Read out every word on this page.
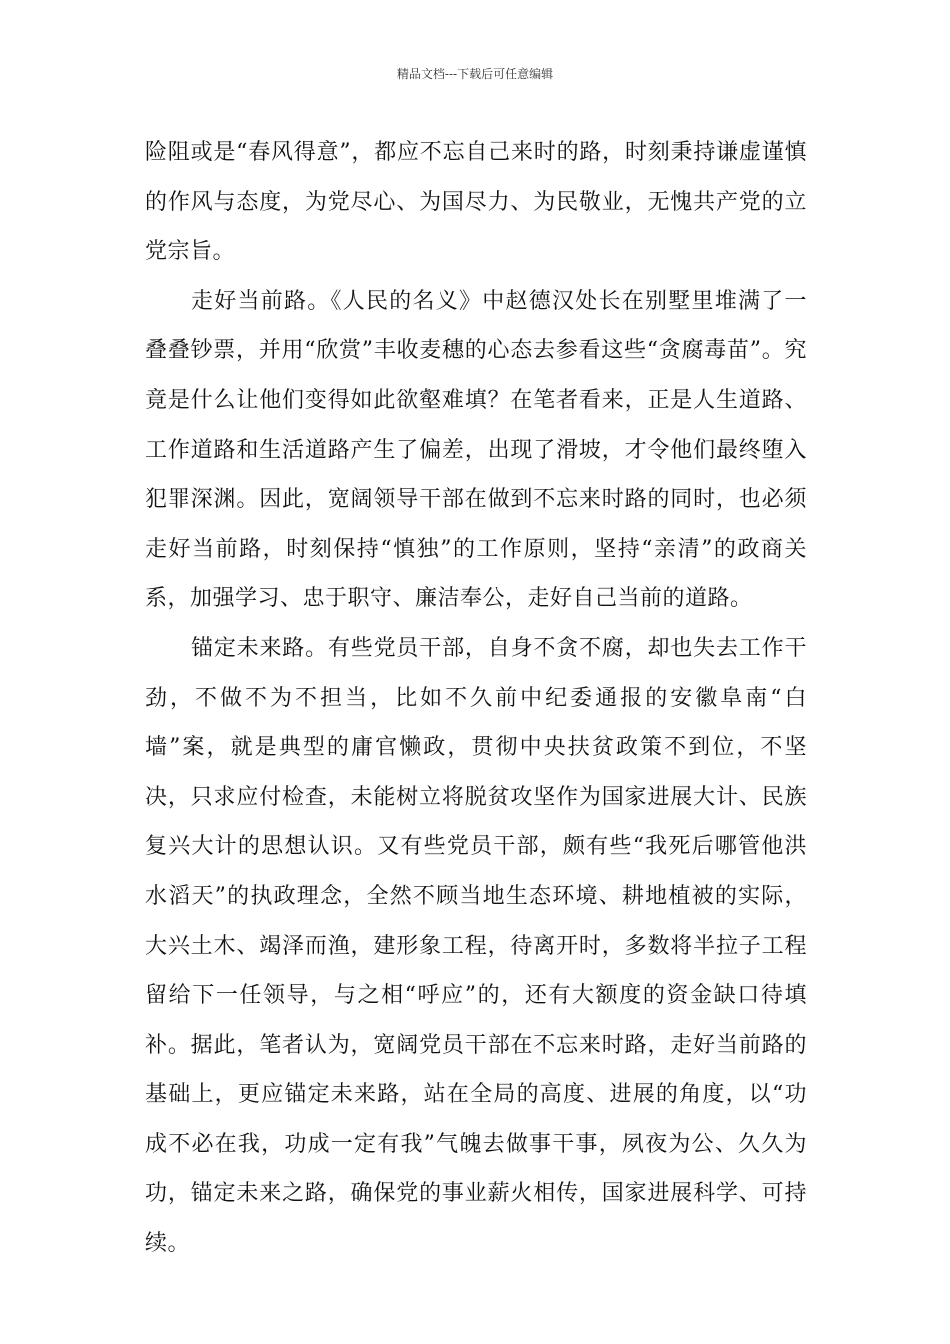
精品文档---下载后可任意编辑

险阻或是“春风得意”，都应不忘自己来时的路，时刻秉持谦虚谨慎的作风与态度，为党尽心、为国尽力、为民敬业，无愧共产党的立党宗旨。

走好当前路。《人民的名义》中赵德汉处长在别墅里堆满了一叠叠钞票，并用“欣赏”丰收麦穗的心态去参看这些“贪腐毒苗”。究竟是什么让他们变得如此欲壑难填？在笔者看来，正是人生道路、工作道路和生活道路产生了偏差，出现了滑坡，才令他们最终堕入犯罪深渊。因此，宽阔领导干部在做到不忘来时路的同时，也必须走好当前路，时刻保持“慎独”的工作原则，坚持“亲清”的政商关系，加强学习、忠于职守、廉洁奉公，走好自己当前的道路。

锚定未来路。有些党员干部，自身不贪不腐，却也失去工作干劲，不做不为不担当，比如不久前中纪委通报的安徽阜南“白墙”案，就是典型的庸官懒政，贯彻中央扶贫政策不到位，不坚决，只求应付检查，未能树立将脱贫攻坚作为国家进展大计、民族复兴大计的思想认识。又有些党员干部，颇有些“我死后哪管他洪水滔天”的执政理念，全然不顾当地生态环境、耕地植被的实际，大兴土木、竭泽而渔，建形象工程，待离开时，多数将半拉子工程留给下一任领导，与之相“呼应”的，还有大额度的资金缺口待填补。据此，笔者认为，宽阔党员干部在不忘来时路，走好当前路的基础上，更应锚定未来路，站在全局的高度、进展的角度，以“功成不必在我，功成一定有我”气魄去做事干事，夙夜为公、久久为功，锚定未来之路，确保党的事业薪火相传，国家进展科学、可持续。
